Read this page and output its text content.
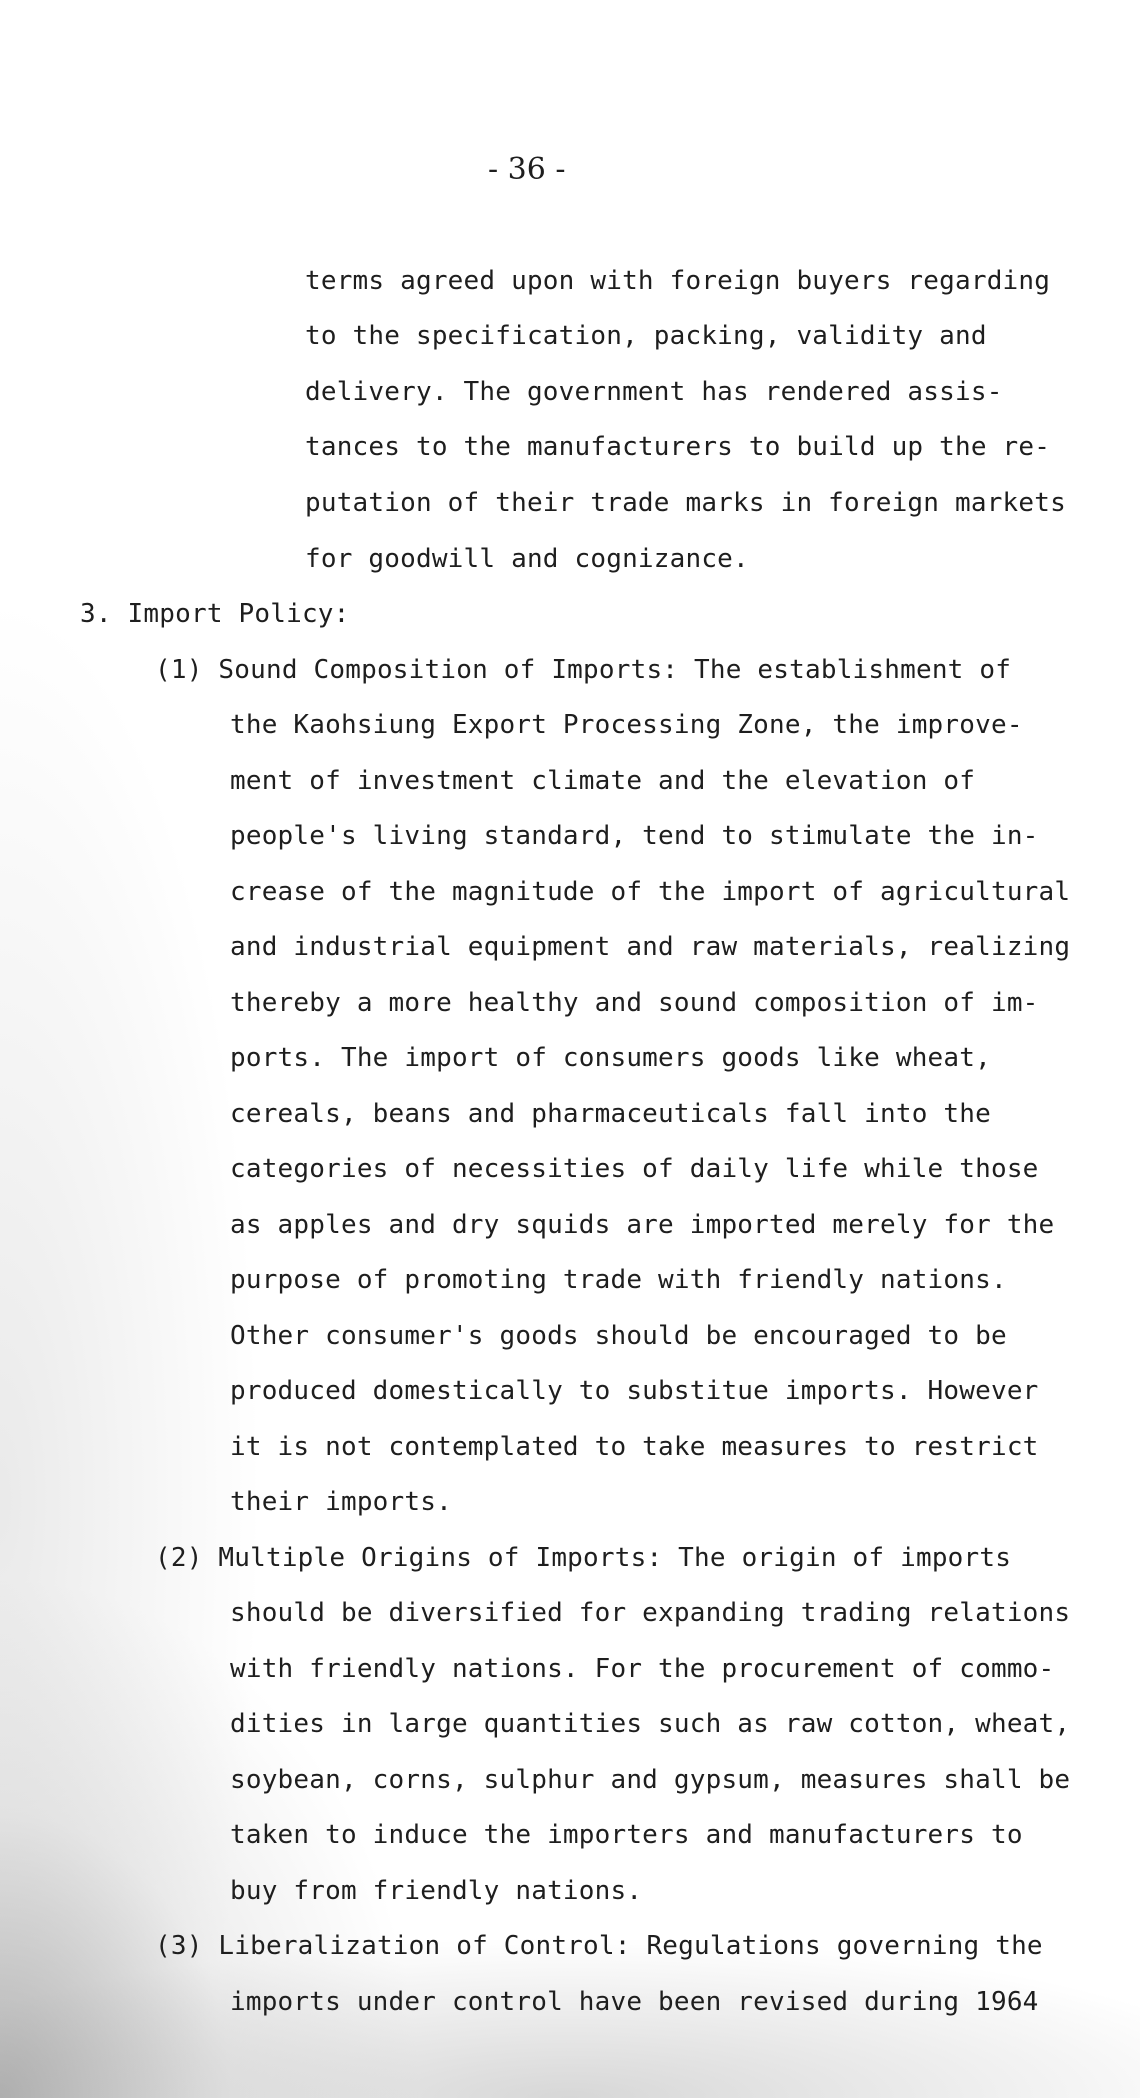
- 36 -
terms agreed upon with foreign buyers regarding
to the specification, packing, validity and
delivery. The government has rendered assis-
tances to the manufacturers to build up the re-
putation of their trade marks in foreign markets
for goodwill and cognizance.
3. Import Policy:
(1) Sound Composition of Imports: The establishment of
the Kaohsiung Export Processing Zone, the improve-
ment of investment climate and the elevation of
people's living standard, tend to stimulate the in-
crease of the magnitude of the import of agricultural
and industrial equipment and raw materials, realizing
thereby a more healthy and sound composition of im-
ports. The import of consumers goods like wheat,
cereals, beans and pharmaceuticals fall into the
categories of necessities of daily life while those
as apples and dry squids are imported merely for the
purpose of promoting trade with friendly nations.
Other consumer's goods should be encouraged to be
produced domestically to substitue imports. However
it is not contemplated to take measures to restrict
their imports.
(2) Multiple Origins of Imports: The origin of imports
should be diversified for expanding trading relations
with friendly nations. For the procurement of commo-
dities in large quantities such as raw cotton, wheat,
soybean, corns, sulphur and gypsum, measures shall be
taken to induce the importers and manufacturers to
buy from friendly nations.
(3) Liberalization of Control: Regulations governing the
imports under control have been revised during 1964
